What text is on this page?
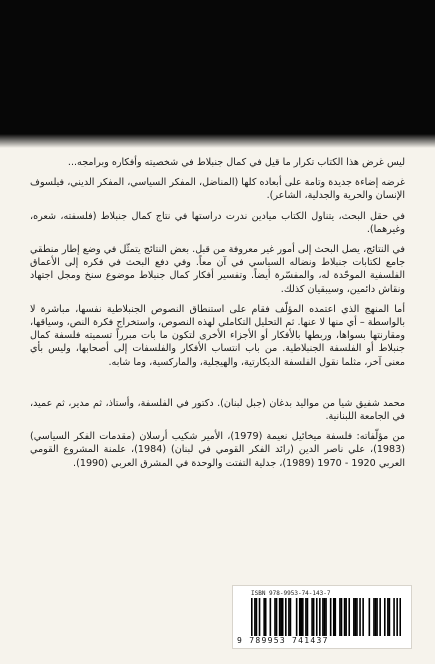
ليس غرض هذا الكتاب تكرار ما قيل في كمال جنبلاط في شخصيته وأفكاره وبرامجه...

غرضه إضاءة جديدة وتامة على أبعاده كلها (المناضل، المفكر السياسي، المفكر الديني، فيلسوف الإنسان والحرية والجدلية، الشاعر).

في حقل البحث، يتناول الكتاب ميادين ندرت دراستها في نتاج كمال جنبلاط (فلسفته، شعره، وغيرهما).

في النتائج، يصل البحث إلى أمور غير معروفة من قبل. بعض النتائج يتمثّل في وضع إطار منطقي جامع لكتابات جنبلاط ونضاله السياسي في آن معاً. وفي دفع البحث في فكره إلى الأعماق الفلسفية الموحّدة له، والمفسّرة أيضاً. وتفسير أفكار كمال جنبلاط موضوع سنخ ومجل اجتهاد ونقاش دائمين، وسيبقيان كذلك.

أما المنهج الذي اعتمده المؤلّف فقام على استنطاق النصوص الجنبلاطية نفسها، مباشرة لا بالواسطة – أي منها لا عنها. ثم التحليل التكاملي لهذه النصوص، واستخراج فكرة النص، وسياقها، ومقارنتها بسواها، وربطها بالأفكار أو الأجزاء الأخرى لتكون ما بات مبرراً تسميته فلسفة كمال جنبلاط أو الفلسفة الجنبلاطية. من باب انتساب الأفكار والفلسفات إلى أصحابها، وليس بأي معنى آخر، مثلما نقول الفلسفة الديكارتية، والهيجلية، والماركسية، وما شابه.

محمد شفيق شيا من مواليد بدغان (جبل لبنان). دكتور في الفلسفة، وأستاذ، ثم مدير، ثم عميد، في الجامعة اللبنانية.

من مؤلّفاته: فلسفة ميخائيل نعيمة (1979)، الأمير شكيب أرسلان (مقدمات الفكر السياسي) (1983)، علي ناصر الدين (رائد الفكر القومي في لبنان) (1984)، علمنة المشروع القومي العربي 1920 - 1970 (1989)، جدلية التفتت والوحدة في المشرق العربي (1990).

ISBN 978-9953-74-143-7
9 789953 741437
